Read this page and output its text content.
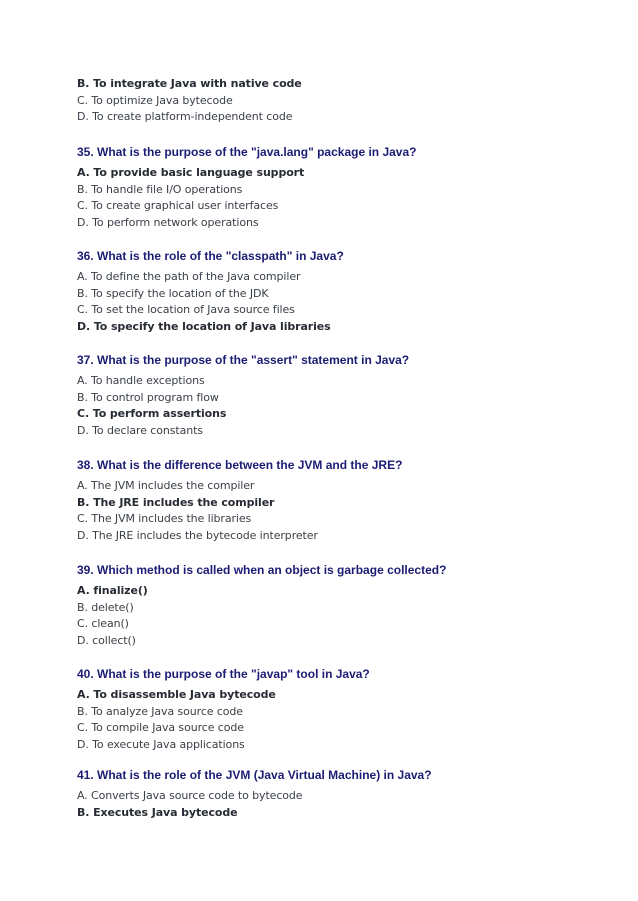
B. To integrate Java with native code
C. To optimize Java bytecode
D. To create platform-independent code
35. What is the purpose of the "java.lang" package in Java?
A. To provide basic language support
B. To handle file I/O operations
C. To create graphical user interfaces
D. To perform network operations
36. What is the role of the "classpath" in Java?
A. To define the path of the Java compiler
B. To specify the location of the JDK
C. To set the location of Java source files
D. To specify the location of Java libraries
37. What is the purpose of the "assert" statement in Java?
A. To handle exceptions
B. To control program flow
C. To perform assertions
D. To declare constants
38. What is the difference between the JVM and the JRE?
A. The JVM includes the compiler
B. The JRE includes the compiler
C. The JVM includes the libraries
D. The JRE includes the bytecode interpreter
39. Which method is called when an object is garbage collected?
A. finalize()
B. delete()
C. clean()
D. collect()
40. What is the purpose of the "javap" tool in Java?
A. To disassemble Java bytecode
B. To analyze Java source code
C. To compile Java source code
D. To execute Java applications
41. What is the role of the JVM (Java Virtual Machine) in Java?
A. Converts Java source code to bytecode
B. Executes Java bytecode
